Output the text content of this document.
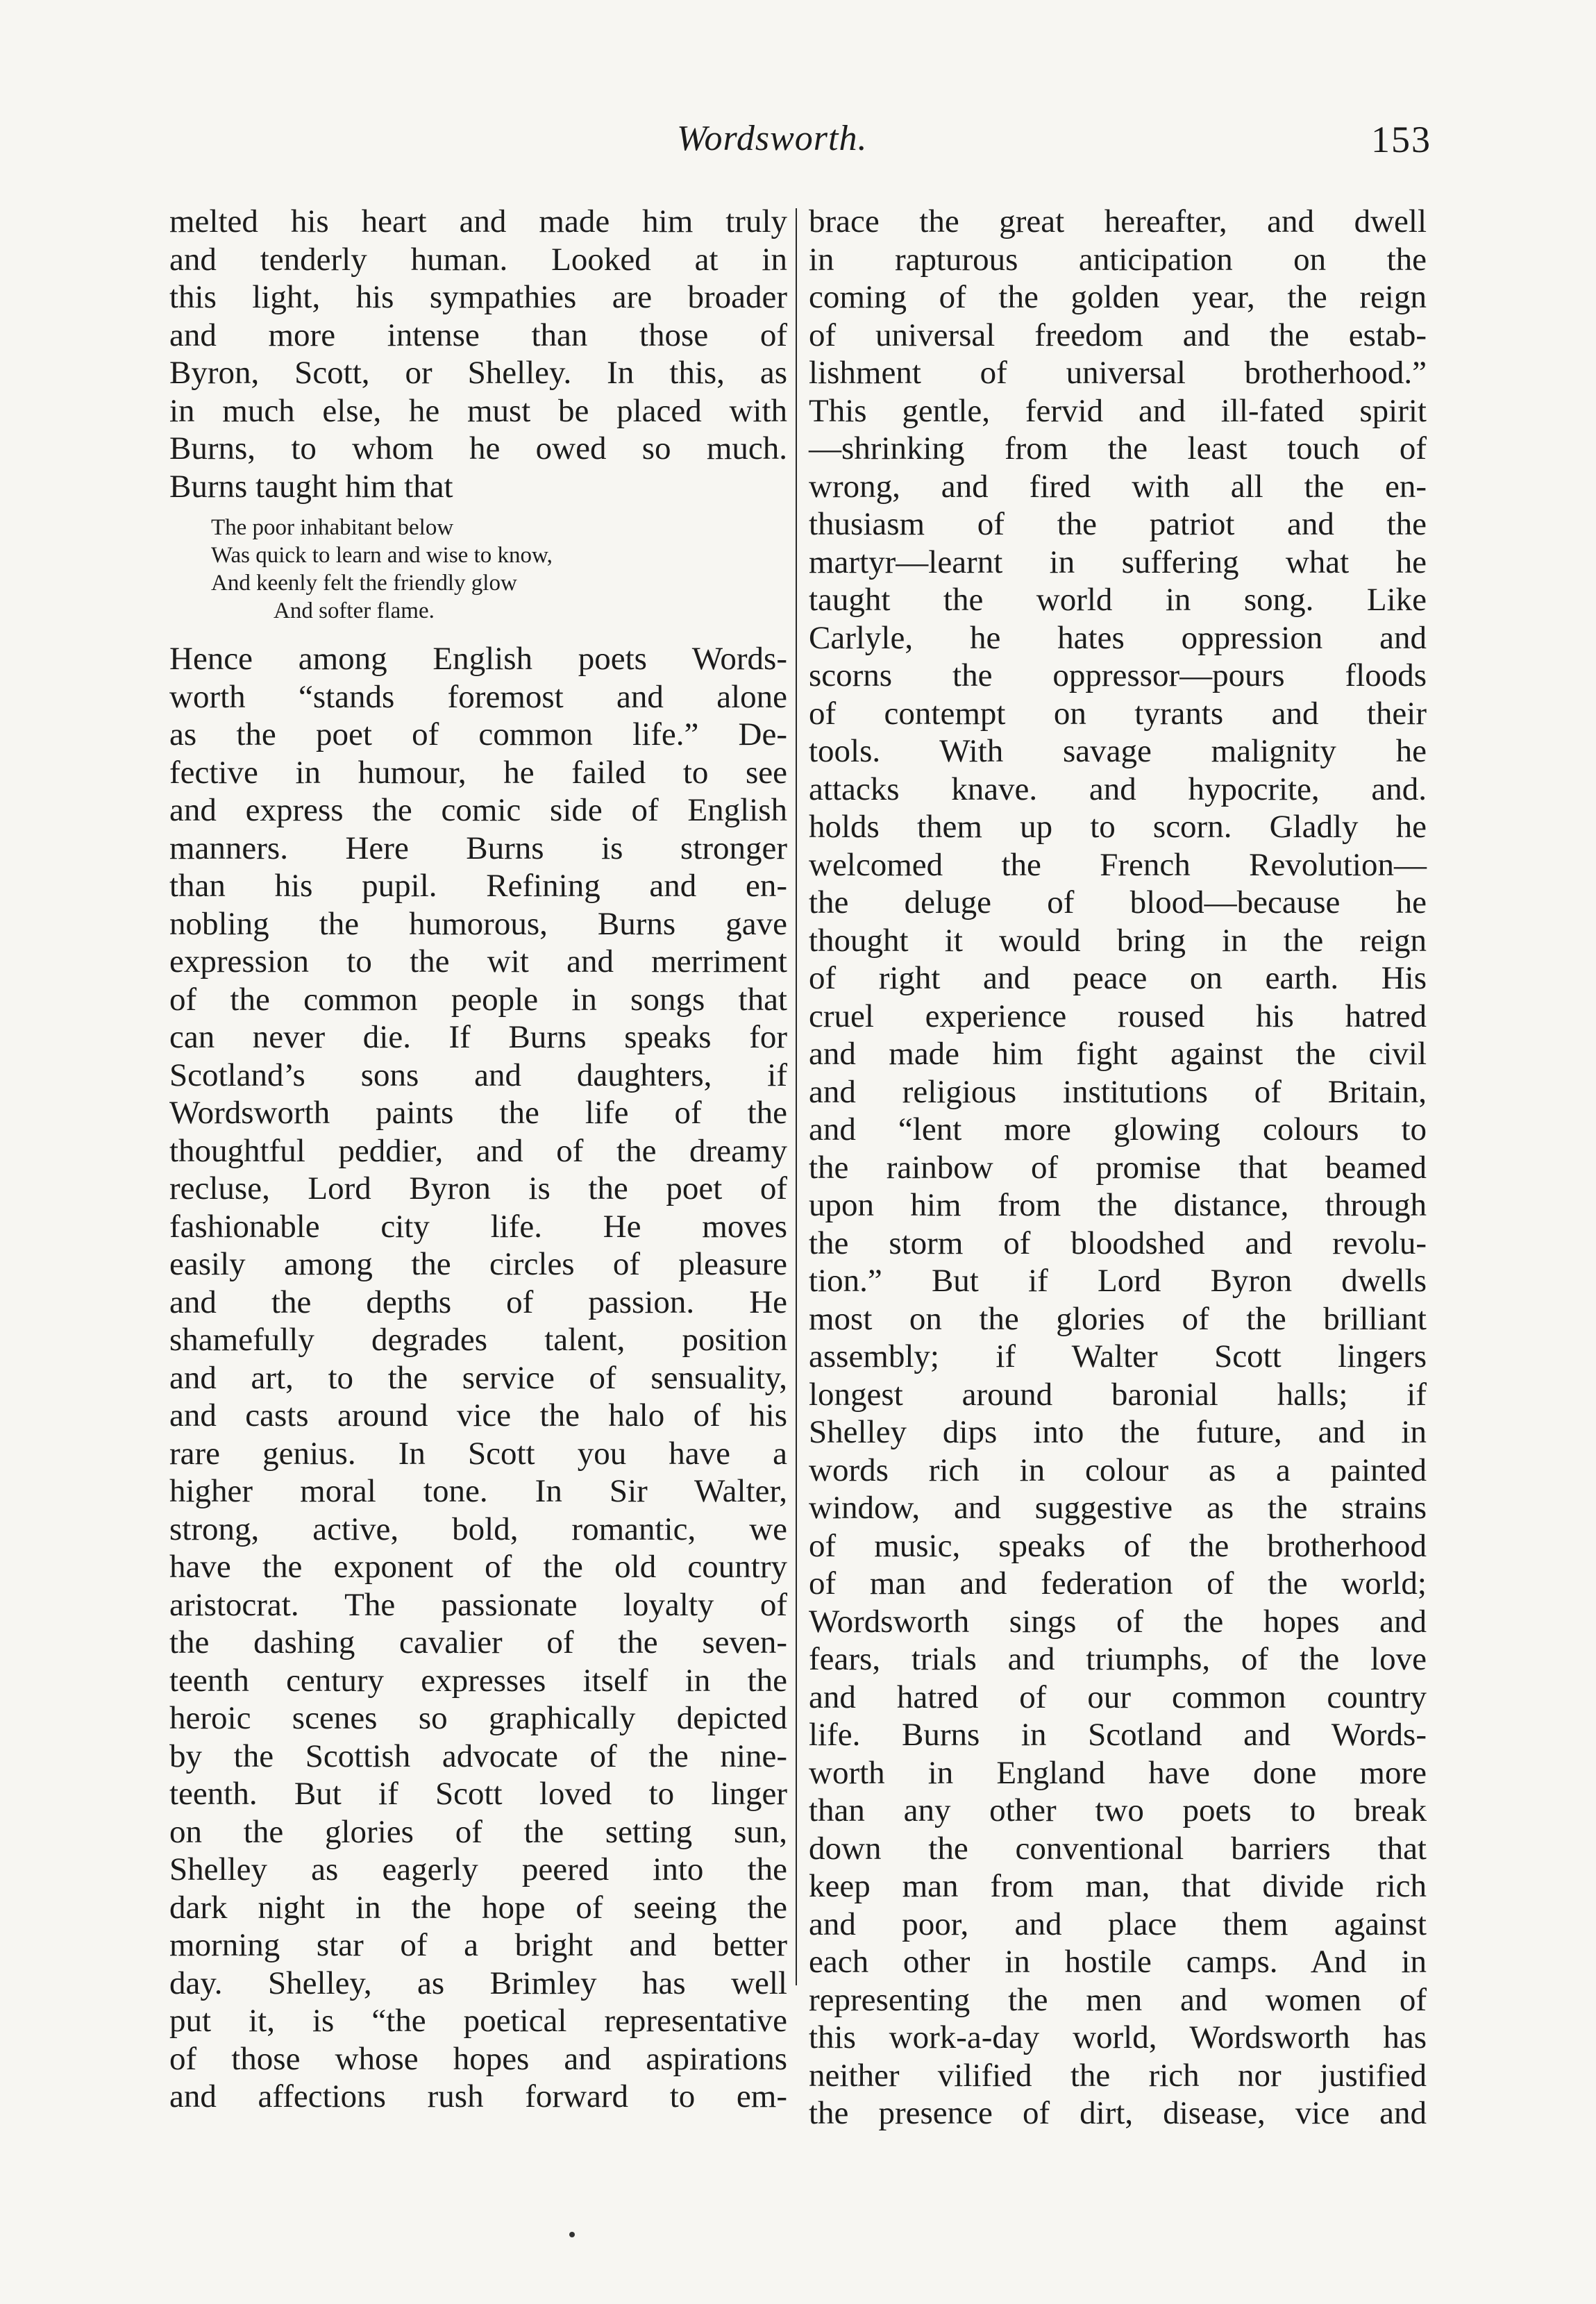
Wordsworth.	153
melted his heart and made him truly
and tenderly human. Looked at in
this light, his sympathies are broader
and more intense than those of
Byron, Scott, or Shelley. In this, as
in much else, he must be placed with
Burns, to whom he owed so much.
Burns taught him that
The poor inhabitant below
Was quick to learn and wise to know,
And keenly felt the friendly glow
And softer flame.
Hence among English poets Words-
worth “stands foremost and alone
as the poet of common life.” De-
fective in humour, he failed to see
and express the comic side of English
manners. Here Burns is stronger
than his pupil. Refining and en-
nobling the humorous, Burns gave
expression to the wit and merriment
of the common people in songs that
can never die. If Burns speaks for
Scotland’s sons and daughters, if
Wordsworth paints the life of the
thoughtful peddier, and of the dreamy
recluse, Lord Byron is the poet of
fashionable city life. He moves
easily among the circles of pleasure
and the depths of passion. He
shamefully degrades talent, position
and art, to the service of sensuality,
and casts around vice the halo of his
rare genius. In Scott you have a
higher moral tone. In Sir Walter,
strong, active, bold, romantic, we
have the exponent of the old country
aristocrat. The passionate loyalty of
the dashing cavalier of the seven-
teenth century expresses itself in the
heroic scenes so graphically depicted
by the Scottish advocate of the nine-
teenth. But if Scott loved to linger
on the glories of the setting sun,
Shelley as eagerly peered into the
dark night in the hope of seeing the
morning star of a bright and better
day. Shelley, as Brimley has well
put it, is “the poetical representative
of those whose hopes and aspirations
and affections rush forward to em-
brace the great hereafter, and dwell
in rapturous anticipation on the
coming of the golden year, the reign
of universal freedom and the estab-
lishment of universal brotherhood.”
This gentle, fervid and ill-fated spirit
—shrinking from the least touch of
wrong, and fired with all the en-
thusiasm of the patriot and the
martyr—learnt in suffering what he
taught the world in song. Like
Carlyle, he hates oppression and
scorns the oppressor—pours floods
of contempt on tyrants and their
tools. With savage malignity he
attacks knave. and hypocrite, and.
holds them up to scorn. Gladly he
welcomed the French Revolution—
the deluge of blood—because he
thought it would bring in the reign
of right and peace on earth. His
cruel experience roused his hatred
and made him fight against the civil
and religious institutions of Britain,
and “lent more glowing colours to
the rainbow of promise that beamed
upon him from the distance, through
the storm of bloodshed and revolu-
tion.” But if Lord Byron dwells
most on the glories of the brilliant
assembly; if Walter Scott lingers
longest around baronial halls; if
Shelley dips into the future, and in
words rich in colour as a painted
window, and suggestive as the strains
of music, speaks of the brotherhood
of man and federation of the world;
Wordsworth sings of the hopes and
fears, trials and triumphs, of the love
and hatred of our common country
life. Burns in Scotland and Words-
worth in England have done more
than any other two poets to break
down the conventional barriers that
keep man from man, that divide rich
and poor, and place them against
each other in hostile camps. And in
representing the men and women of
this work-a-day world, Wordsworth has
neither vilified the rich nor justified
the presence of dirt, disease, vice and
